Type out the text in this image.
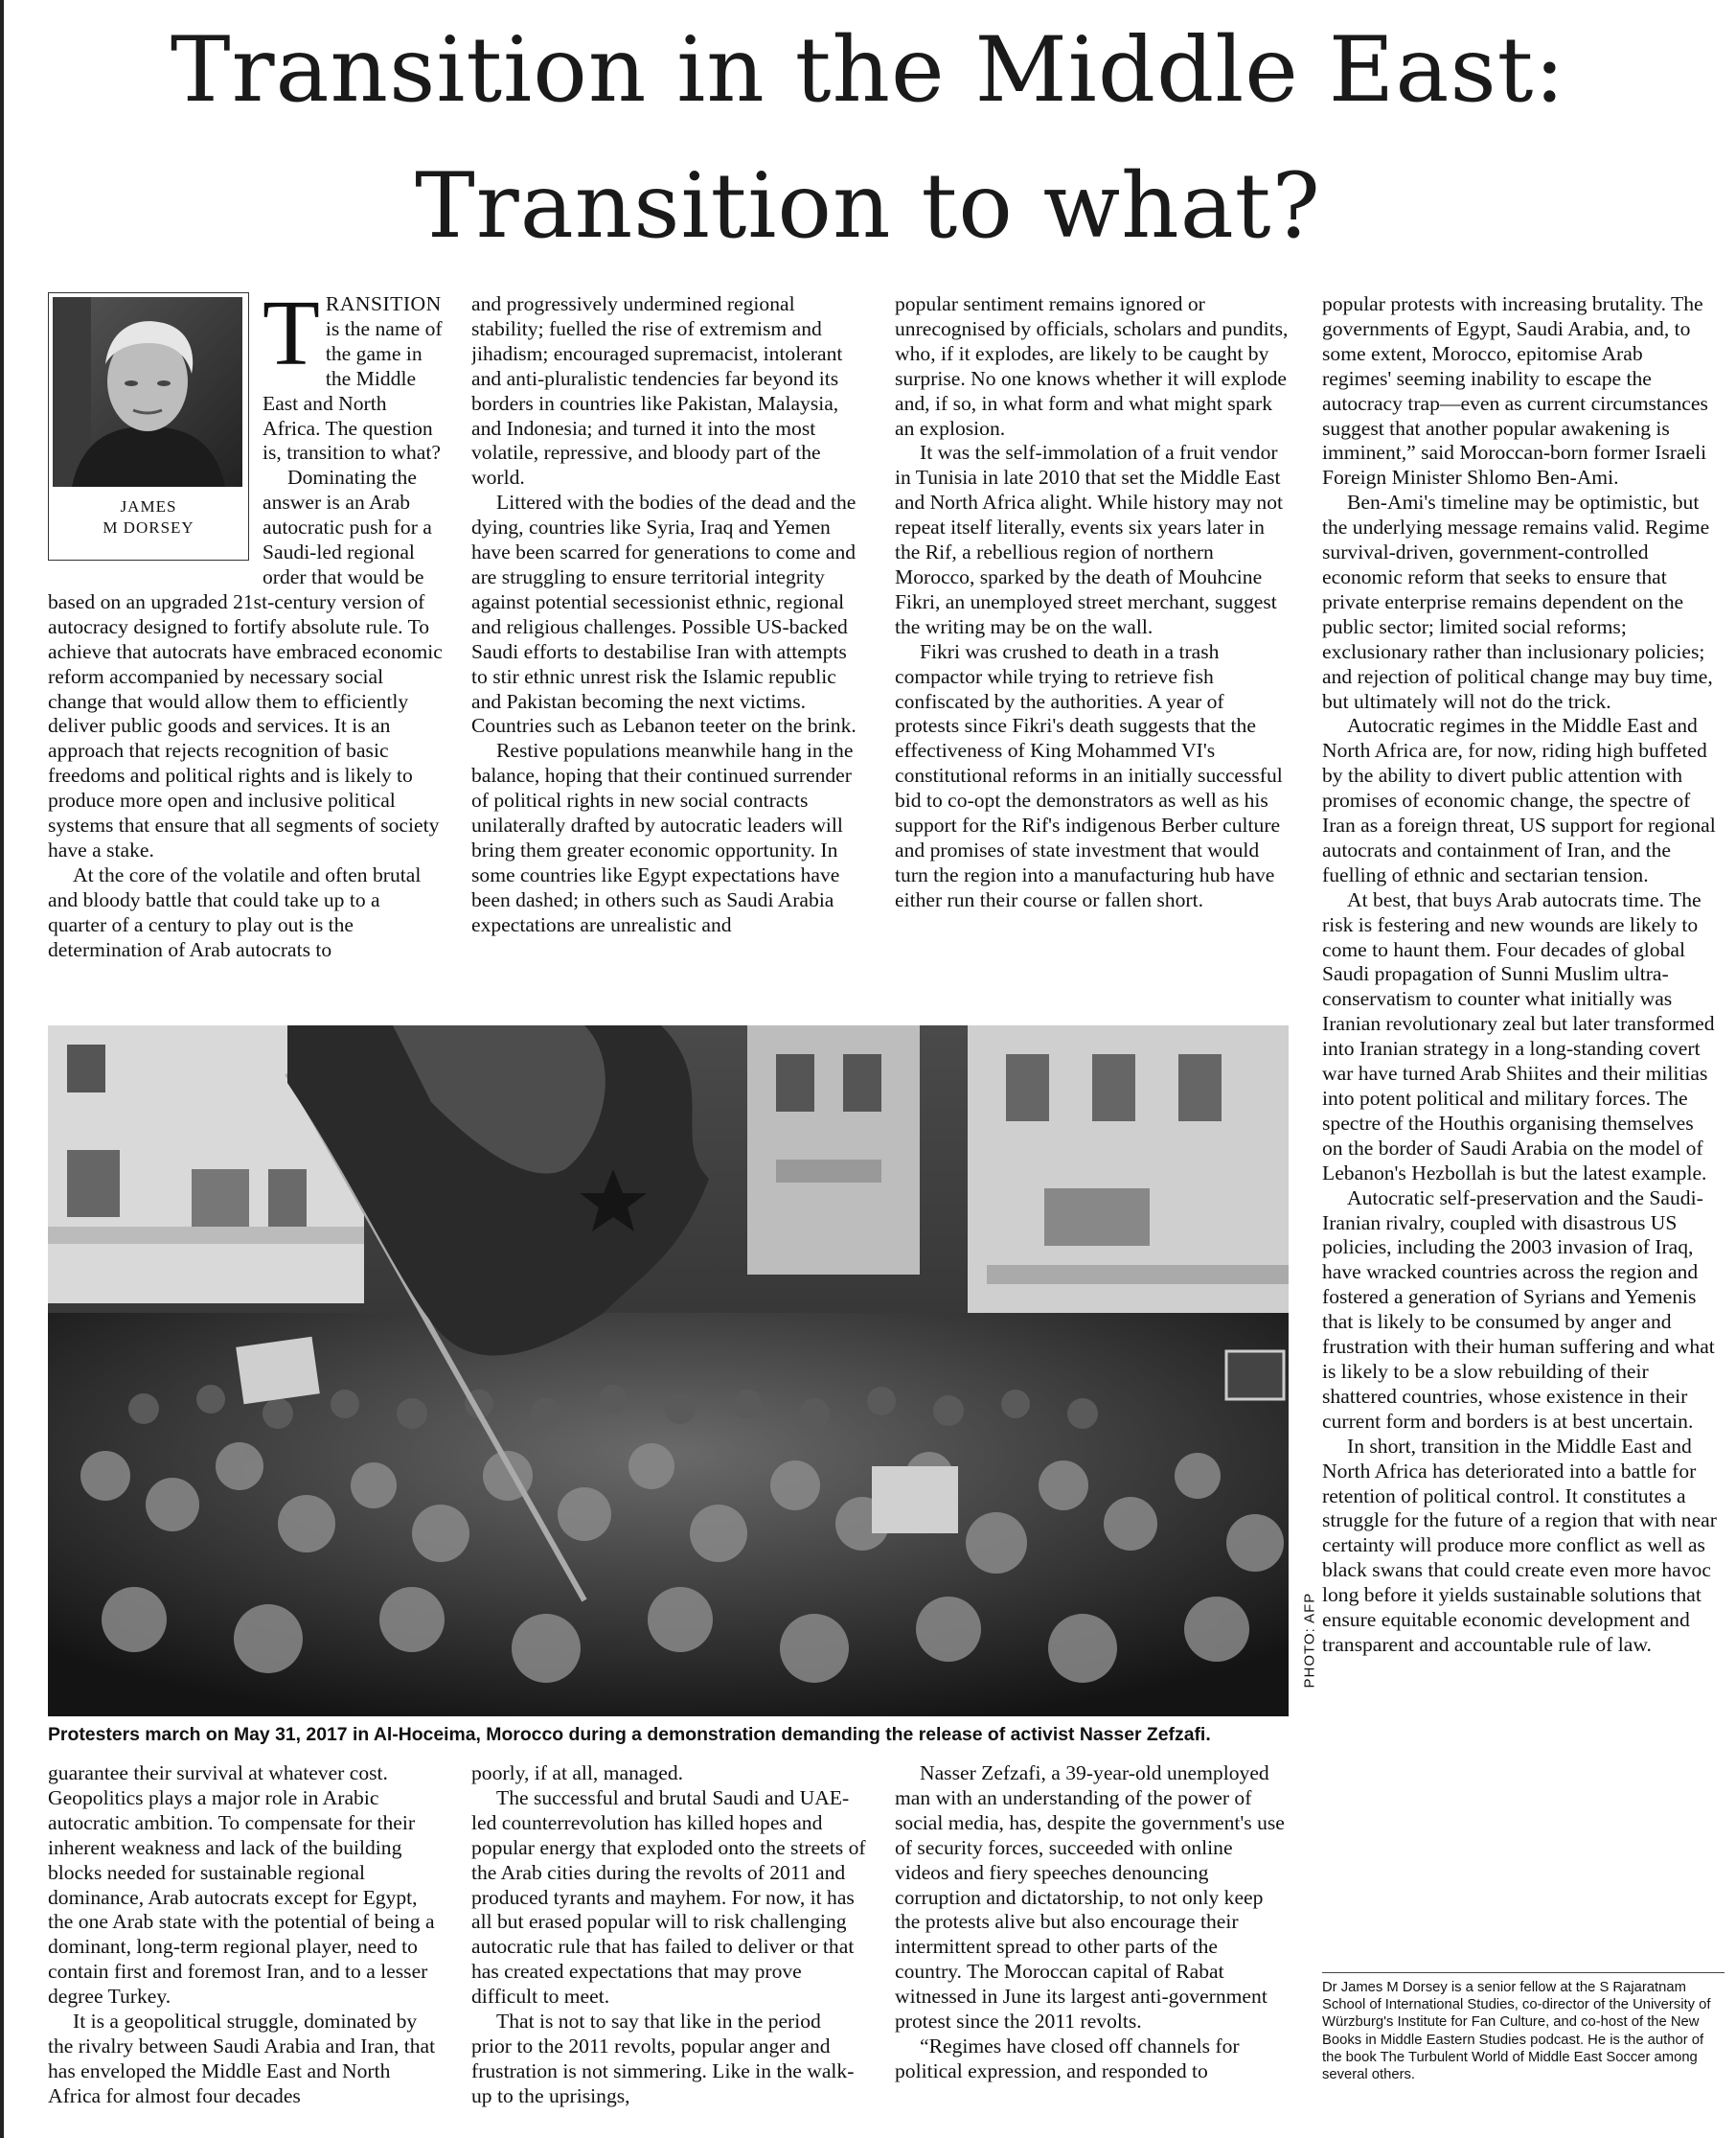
Transition in the Middle East:
Transition to what?
JAMES
M DORSEY

TRANSITION is the name of the game in the Middle East and North Africa. The question is, transition to what?

Dominating the answer is an Arab autocratic push for a Saudi-led regional order that would be based on an upgraded 21st-century version of autocracy designed to fortify absolute rule. To achieve that autocrats have embraced economic reform accompanied by necessary social change that would allow them to efficiently deliver public goods and services. It is an approach that rejects recognition of basic freedoms and political rights and is likely to produce more open and inclusive political systems that ensure that all segments of society have a stake.

At the core of the volatile and often brutal and bloody battle that could take up to a quarter of a century to play out is the determination of Arab autocrats to

and progressively undermined regional stability; fuelled the rise of extremism and jihadism; encouraged supremacist, intolerant and anti-pluralistic tendencies far beyond its borders in countries like Pakistan, Malaysia, and Indonesia; and turned it into the most volatile, repressive, and bloody part of the world.

Littered with the bodies of the dead and the dying, countries like Syria, Iraq and Yemen have been scarred for generations to come and are struggling to ensure territorial integrity against potential secessionist ethnic, regional and religious challenges. Possible US-backed Saudi efforts to destabilise Iran with attempts to stir ethnic unrest risk the Islamic republic and Pakistan becoming the next victims. Countries such as Lebanon teeter on the brink.

Restive populations meanwhile hang in the balance, hoping that their continued surrender of political rights in new social contracts unilaterally drafted by autocratic leaders will bring them greater economic opportunity. In some countries like Egypt expectations have been dashed; in others such as Saudi Arabia expectations are unrealistic and

popular sentiment remains ignored or unrecognised by officials, scholars and pundits, who, if it explodes, are likely to be caught by surprise. No one knows whether it will explode and, if so, in what form and what might spark an explosion.

It was the self-immolation of a fruit vendor in Tunisia in late 2010 that set the Middle East and North Africa alight. While history may not repeat itself literally, events six years later in the Rif, a rebellious region of northern Morocco, sparked by the death of Mouhcine Fikri, an unemployed street merchant, suggest the writing may be on the wall.

Fikri was crushed to death in a trash compactor while trying to retrieve fish confiscated by the authorities. A year of protests since Fikri's death suggests that the effectiveness of King Mohammed VI's constitutional reforms in an initially successful bid to co-opt the demonstrators as well as his support for the Rif's indigenous Berber culture and promises of state investment that would turn the region into a manufacturing hub have either run their course or fallen short.

popular protests with increasing brutality. The governments of Egypt, Saudi Arabia, and, to some extent, Morocco, epitomise Arab regimes' seeming inability to escape the autocracy trap—even as current circumstances suggest that another popular awakening is imminent,” said Moroccan-born former Israeli Foreign Minister Shlomo Ben-Ami.

Ben-Ami's timeline may be optimistic, but the underlying message remains valid. Regime survival-driven, government-controlled economic reform that seeks to ensure that private enterprise remains dependent on the public sector; limited social reforms; exclusionary rather than inclusionary policies; and rejection of political change may buy time, but ultimately will not do the trick.

Autocratic regimes in the Middle East and North Africa are, for now, riding high buffeted by the ability to divert public attention with promises of economic change, the spectre of Iran as a foreign threat, US support for regional autocrats and containment of Iran, and the fuelling of ethnic and sectarian tension.

At best, that buys Arab autocrats time. The risk is festering and new wounds are likely to come to haunt them. Four decades of global Saudi propagation of Sunni Muslim ultra-conservatism to counter what initially was Iranian revolutionary zeal but later transformed into Iranian strategy in a long-standing covert war have turned Arab Shiites and their militias into potent political and military forces. The spectre of the Houthis organising themselves on the border of Saudi Arabia on the model of Lebanon's Hezbollah is but the latest example.

Autocratic self-preservation and the Saudi-Iranian rivalry, coupled with disastrous US policies, including the 2003 invasion of Iraq, have wracked countries across the region and fostered a generation of Syrians and Yemenis that is likely to be consumed by anger and frustration with their human suffering and what is likely to be a slow rebuilding of their shattered countries, whose existence in their current form and borders is at best uncertain.

In short, transition in the Middle East and North Africa has deteriorated into a battle for retention of political control. It constitutes a struggle for the future of a region that with near certainty will produce more conflict as well as black swans that could create even more havoc long before it yields sustainable solutions that ensure equitable economic development and transparent and accountable rule of law.

PHOTO: AFP
Protesters march on May 31, 2017 in Al-Hoceima, Morocco during a demonstration demanding the release of activist Nasser Zefzafi.

guarantee their survival at whatever cost. Geopolitics plays a major role in Arabic autocratic ambition. To compensate for their inherent weakness and lack of the building blocks needed for sustainable regional dominance, Arab autocrats except for Egypt, the one Arab state with the potential of being a dominant, long-term regional player, need to contain first and foremost Iran, and to a lesser degree Turkey.

It is a geopolitical struggle, dominated by the rivalry between Saudi Arabia and Iran, that has enveloped the Middle East and North Africa for almost four decades

poorly, if at all, managed.

The successful and brutal Saudi and UAE-led counterrevolution has killed hopes and popular energy that exploded onto the streets of the Arab cities during the revolts of 2011 and produced tyrants and mayhem. For now, it has all but erased popular will to risk challenging autocratic rule that has failed to deliver or that has created expectations that may prove difficult to meet.

That is not to say that like in the period prior to the 2011 revolts, popular anger and frustration is not simmering. Like in the walk-up to the uprisings,

Nasser Zefzafi, a 39-year-old unemployed man with an understanding of the power of social media, has, despite the government's use of security forces, succeeded with online videos and fiery speeches denouncing corruption and dictatorship, to not only keep the protests alive but also encourage their intermittent spread to other parts of the country. The Moroccan capital of Rabat witnessed in June its largest anti-government protest since the 2011 revolts.

“Regimes have closed off channels for political expression, and responded to

Dr James M Dorsey is a senior fellow at the S Rajaratnam School of International Studies, co-director of the University of Würzburg's Institute for Fan Culture, and co-host of the New Books in Middle Eastern Studies podcast. He is the author of the book The Turbulent World of Middle East Soccer among several others.
